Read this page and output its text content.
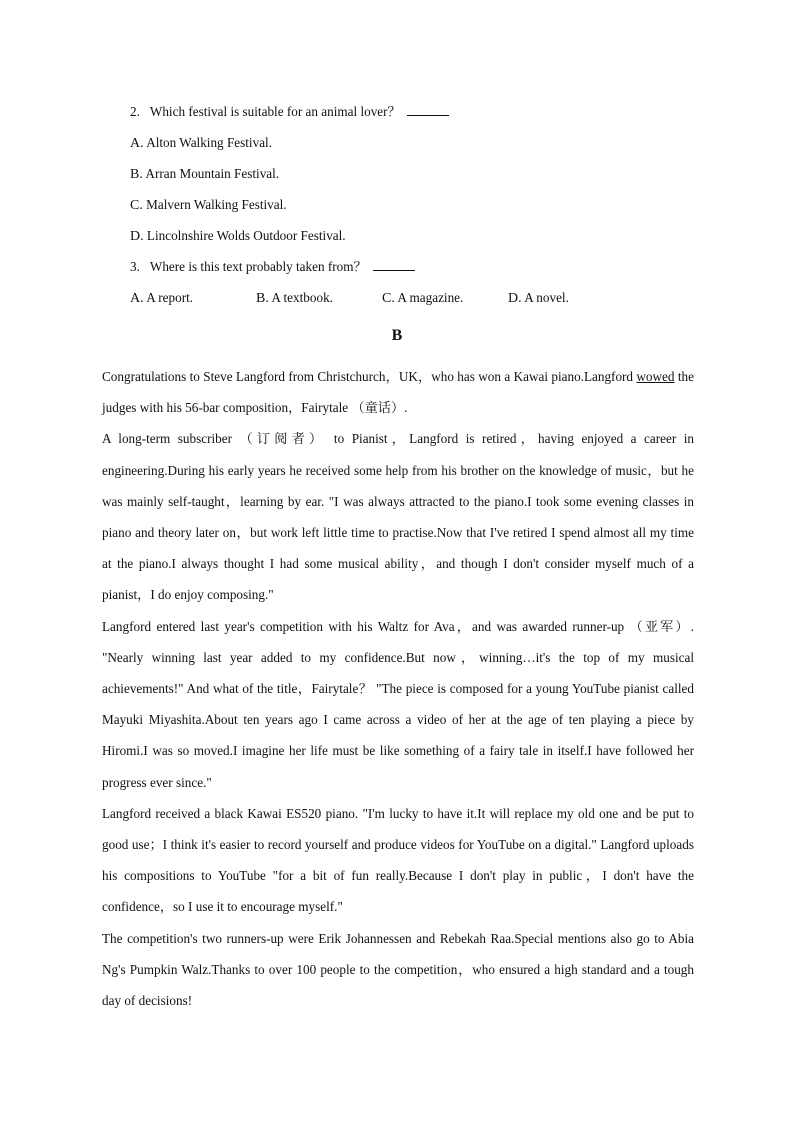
2. Which festival is suitable for an animal lover？
A. Alton Walking Festival.
B. Arran Mountain Festival.
C. Malvern Walking Festival.
D. Lincolnshire Wolds Outdoor Festival.
3. Where is this text probably taken from？
A. A report.	B. A textbook.	C. A magazine.	D. A novel.
B

Congratulations to Steve Langford from Christchurch，UK，who has won a Kawai piano.Langford wowed the judges with his 56-bar composition，Fairytale （童话）.

A long-term subscriber （订阅者） to Pianist，Langford is retired，having enjoyed a career in engineering.During his early years he received some help from his brother on the knowledge of music，but he was mainly self-taught，learning by ear. "I was always attracted to the piano.I took some evening classes in piano and theory later on，but work left little time to practise.Now that I've retired I spend almost all my time at the piano.I always thought I had some musical ability，and though I don't consider myself much of a pianist，I do enjoy composing."

Langford entered last year's competition with his Waltz for Ava，and was awarded runner-up （亚军）. "Nearly winning last year added to my confidence.But now，winning…it's the top of my musical achievements!" And what of the title，Fairytale？ "The piece is composed for a young YouTube pianist called Mayuki Miyashita.About ten years ago I came across a video of her at the age of ten playing a piece by Hiromi.I was so moved.I imagine her life must be like something of a fairy tale in itself.I have followed her progress ever since."

Langford received a black Kawai ES520 piano. "I'm lucky to have it.It will replace my old one and be put to good use；I think it's easier to record yourself and produce videos for YouTube on a digital." Langford uploads his compositions to YouTube "for a bit of fun really.Because I don't play in public，I don't have the confidence，so I use it to encourage myself."

The competition's two runners-up were Erik Johannessen and Rebekah Raa.Special mentions also go to Abia Ng's Pumpkin Walz.Thanks to over 100 people to the competition，who ensured a high standard and a tough day of decisions!
